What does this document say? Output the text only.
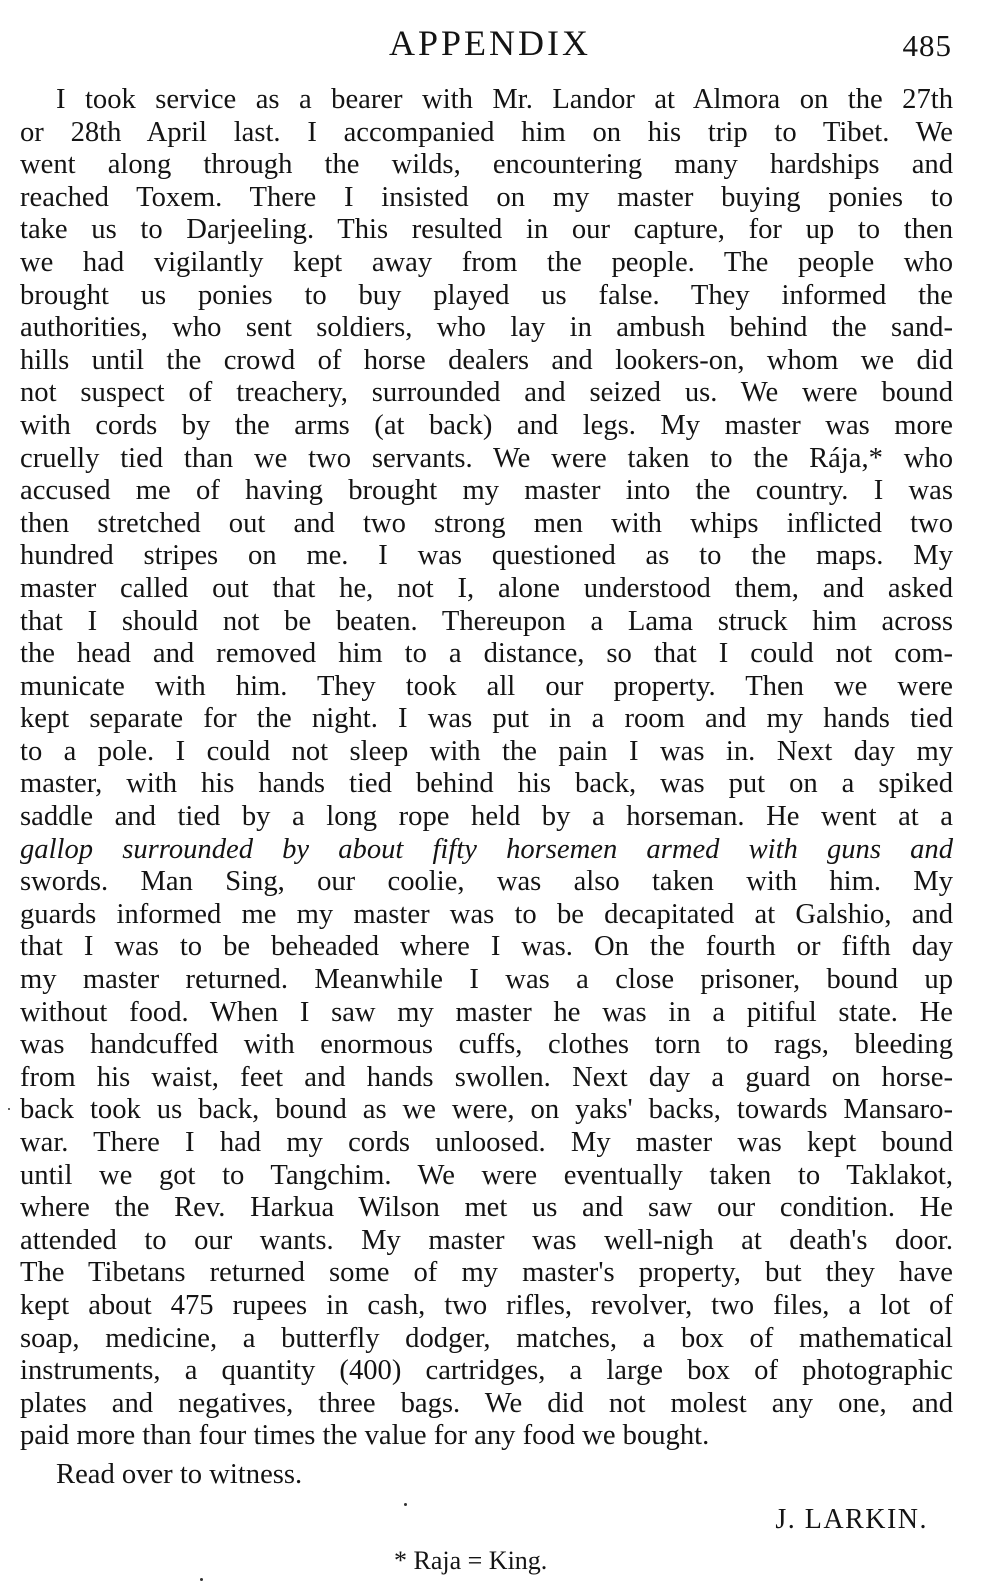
APPENDIX	485
I took service as a bearer with Mr. Landor at Almora on the 27th
or 28th April last. I accompanied him on his trip to Tibet. We
went along through the wilds, encountering many hardships and
reached Toxem. There I insisted on my master buying ponies to
take us to Darjeeling. This resulted in our capture, for up to then
we had vigilantly kept away from the people. The people who
brought us ponies to buy played us false. They informed the
authorities, who sent soldiers, who lay in ambush behind the sand-
hills until the crowd of horse dealers and lookers-on, whom we did
not suspect of treachery, surrounded and seized us. We were bound
with cords by the arms (at back) and legs. My master was more
cruelly tied than we two servants. We were taken to the Rája,* who
accused me of having brought my master into the country. I was
then stretched out and two strong men with whips inflicted two
hundred stripes on me. I was questioned as to the maps. My
master called out that he, not I, alone understood them, and asked
that I should not be beaten. Thereupon a Lama struck him across
the head and removed him to a distance, so that I could not com-
municate with him. They took all our property. Then we were
kept separate for the night. I was put in a room and my hands tied
to a pole. I could not sleep with the pain I was in. Next day my
master, with his hands tied behind his back, was put on a spiked
saddle and tied by a long rope held by a horseman. He went at a
gallop surrounded by about fifty horsemen armed with guns and
swords. Man Sing, our coolie, was also taken with him. My
guards informed me my master was to be decapitated at Galshio, and
that I was to be beheaded where I was. On the fourth or fifth day
my master returned. Meanwhile I was a close prisoner, bound up
without food. When I saw my master he was in a pitiful state. He
was handcuffed with enormous cuffs, clothes torn to rags, bleeding
from his waist, feet and hands swollen. Next day a guard on horse-
back took us back, bound as we were, on yaks' backs, towards Mansaro-
war. There I had my cords unloosed. My master was kept bound
until we got to Tangchim. We were eventually taken to Taklakot,
where the Rev. Harkua Wilson met us and saw our condition. He
attended to our wants. My master was well-nigh at death's door.
The Tibetans returned some of my master's property, but they have
kept about 475 rupees in cash, two rifles, revolver, two files, a lot of
soap, medicine, a butterfly dodger, matches, a box of mathematical
instruments, a quantity (400) cartridges, a large box of photographic
plates and negatives, three bags. We did not molest any one, and
paid more than four times the value for any food we bought.
Read over to witness.
J. LARKIN.
* Raja = King.
